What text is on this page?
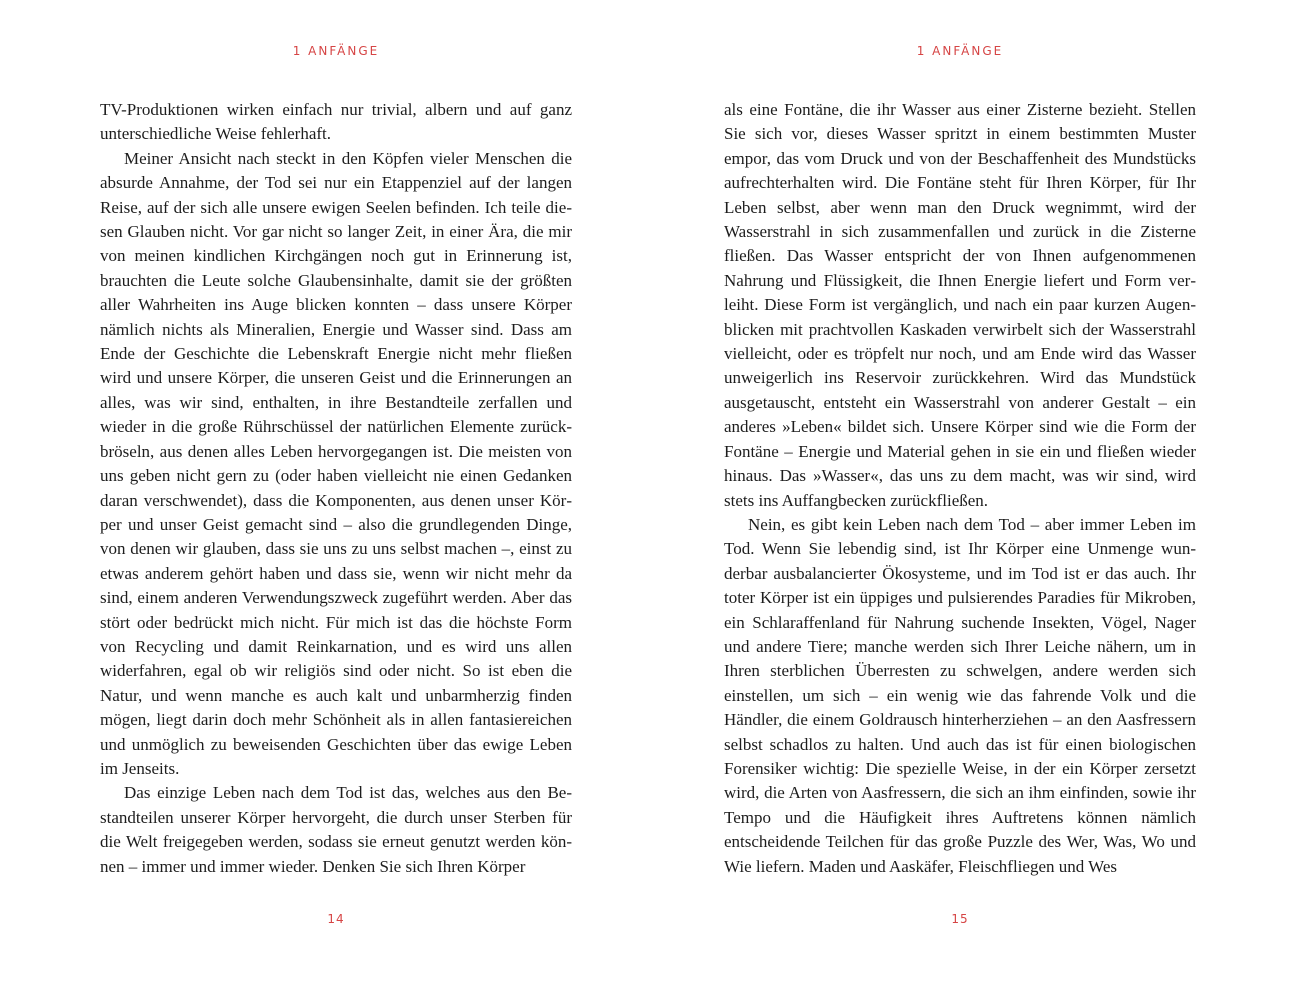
1 ANFÄNGE

TV-Produktionen wirken einfach nur trivial, albern und auf ganz unterschiedliche Weise fehlerhaft.

Meiner Ansicht nach steckt in den Köpfen vieler Menschen die absurde Annahme, der Tod sei nur ein Etappenziel auf der langen Reise, auf der sich alle unsere ewigen Seelen befinden. Ich teile diesen Glauben nicht. Vor gar nicht so langer Zeit, in einer Ära, die mir von meinen kindlichen Kirchgängen noch gut in Erinnerung ist, brauchten die Leute solche Glaubensinhalte, damit sie der größten aller Wahrheiten ins Auge blicken konnten – dass unsere Körper nämlich nichts als Mineralien, Energie und Wasser sind. Dass am Ende der Geschichte die Lebenskraft Energie nicht mehr fließen wird und unsere Körper, die unseren Geist und die Erinnerungen an alles, was wir sind, enthalten, in ihre Bestandteile zerfallen und wieder in die große Rührschüssel der natürlichen Elemente zurückbröseln, aus denen alles Leben hervorgegangen ist. Die meisten von uns geben nicht gern zu (oder haben vielleicht nie einen Gedanken daran verschwendet), dass die Komponenten, aus denen unser Körper und unser Geist gemacht sind – also die grundlegenden Dinge, von denen wir glauben, dass sie uns zu uns selbst machen –, einst zu etwas anderem gehört haben und dass sie, wenn wir nicht mehr da sind, einem anderen Verwendungszweck zugeführt werden. Aber das stört oder bedrückt mich nicht. Für mich ist das die höchste Form von Recycling und damit Reinkarnation, und es wird uns allen widerfahren, egal ob wir religiös sind oder nicht. So ist eben die Natur, und wenn manche es auch kalt und unbarmherzig finden mögen, liegt darin doch mehr Schönheit als in allen fantasiereichen und unmöglich zu beweisenden Geschichten über das ewige Leben im Jenseits.

Das einzige Leben nach dem Tod ist das, welches aus den Bestandteilen unserer Körper hervorgeht, die durch unser Sterben für die Welt freigegeben werden, sodass sie erneut genutzt werden können – immer und immer wieder. Denken Sie sich Ihren Körper

14
1 ANFÄNGE

als eine Fontäne, die ihr Wasser aus einer Zisterne bezieht. Stellen Sie sich vor, dieses Wasser spritzt in einem bestimmten Muster empor, das vom Druck und von der Beschaffenheit des Mundstücks aufrechterhalten wird. Die Fontäne steht für Ihren Körper, für Ihr Leben selbst, aber wenn man den Druck wegnimmt, wird der Wasserstrahl in sich zusammenfallen und zurück in die Zisterne fließen. Das Wasser entspricht der von Ihnen aufgenommenen Nahrung und Flüssigkeit, die Ihnen Energie liefert und Form verleiht. Diese Form ist vergänglich, und nach ein paar kurzen Augenblicken mit prachtvollen Kaskaden verwirbelt sich der Wasserstrahl vielleicht, oder es tröpfelt nur noch, und am Ende wird das Wasser unweigerlich ins Reservoir zurückkehren. Wird das Mundstück ausgetauscht, entsteht ein Wasserstrahl von anderer Gestalt – ein anderes »Leben« bildet sich. Unsere Körper sind wie die Form der Fontäne – Energie und Material gehen in sie ein und fließen wieder hinaus. Das »Wasser«, das uns zu dem macht, was wir sind, wird stets ins Auffangbecken zurückfließen.

Nein, es gibt kein Leben nach dem Tod – aber immer Leben im Tod. Wenn Sie lebendig sind, ist Ihr Körper eine Unmenge wunderbar ausbalancierter Ökosysteme, und im Tod ist er das auch. Ihr toter Körper ist ein üppiges und pulsierendes Paradies für Mikroben, ein Schlaraffenland für Nahrung suchende Insekten, Vögel, Nager und andere Tiere; manche werden sich Ihrer Leiche nähern, um in Ihren sterblichen Überresten zu schwelgen, andere werden sich einstellen, um sich – ein wenig wie das fahrende Volk und die Händler, die einem Goldrausch hinterherziehen – an den Aasfressern selbst schadlos zu halten. Und auch das ist für einen biologischen Forensiker wichtig: Die spezielle Weise, in der ein Körper zersetzt wird, die Arten von Aasfressern, die sich an ihm einfinden, sowie ihr Tempo und die Häufigkeit ihres Auftretens können nämlich entscheidende Teilchen für das große Puzzle des Wer, Was, Wo und Wie liefern. Maden und Aaskäfer, Fleischfliegen und Wes

15
